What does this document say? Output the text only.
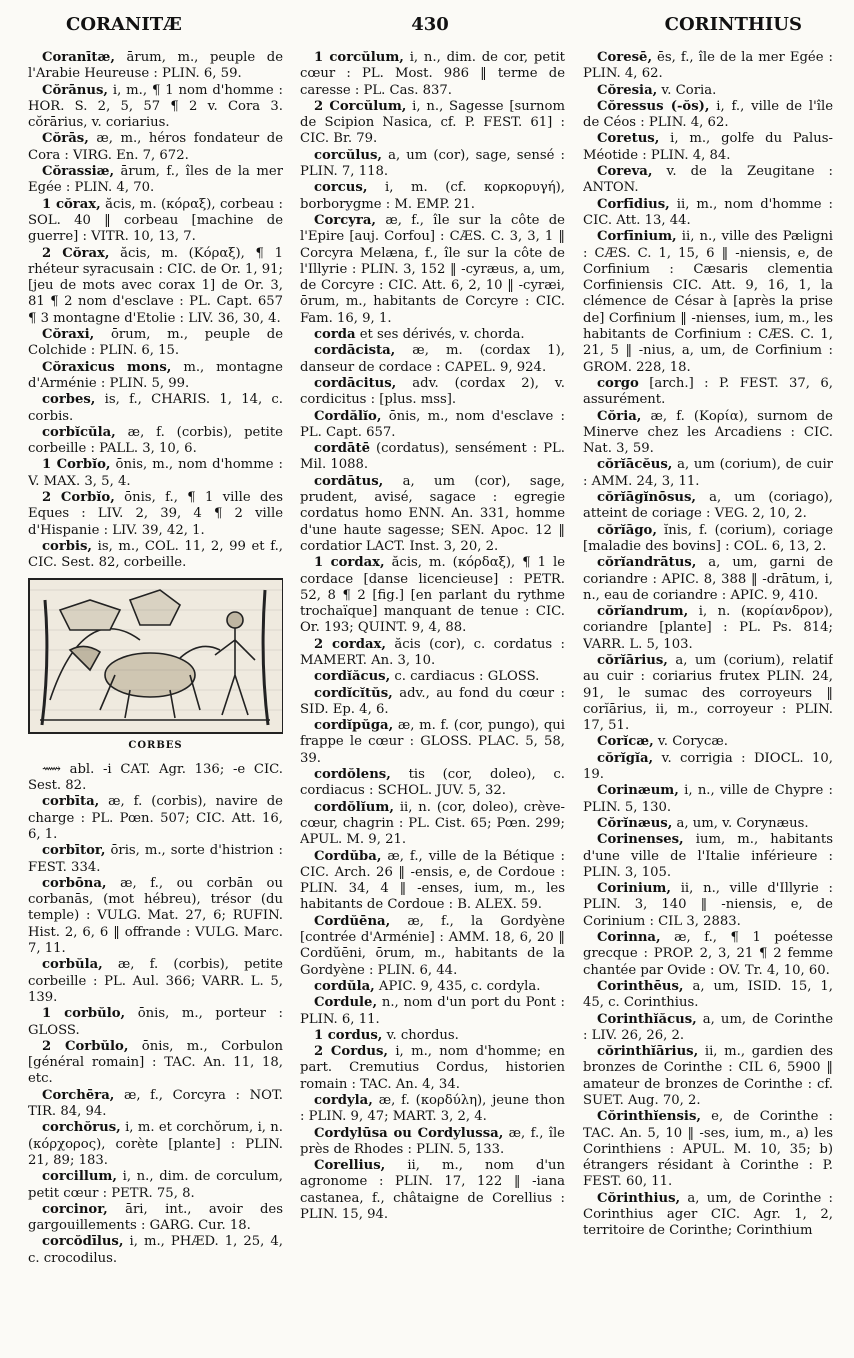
CORANITÆ	430	CORINTHIUS

Coranītæ, ārum, m., peuple de l'Arabie Heureuse : PLIN. 6, 59.

Cŏrānus, i, m., ¶ 1 nom d'homme : HOR. S. 2, 5, 57 ¶ 2 v. Cora 3. cŏrārius, v. coriarius.

Cŏrās, æ, m., héros fondateur de Cora : VIRG. En. 7, 672.

Cŏrassiæ, ārum, f., îles de la mer Egée : PLIN. 4, 70.

1 cŏrax, ăcis, m. (κόραξ), corbeau : SOL. 40 ‖ corbeau [machine de guerre] : VITR. 10, 13, 7.

2 Cŏrax, ăcis, m. (Κόραξ), ¶ 1 rhéteur syracusain : CIC. de Or. 1, 91; [jeu de mots avec corax 1] de Or. 3, 81 ¶ 2 nom d'esclave : PL. Capt. 657 ¶ 3 montagne d'Etolie : LIV. 36, 30, 4.

Cŏraxi, ōrum, m., peuple de Colchide : PLIN. 6, 15.

Cŏraxicus mons, m., montagne d'Arménie : PLIN. 5, 99.

corbes, is, f., CHARIS. 1, 14, c. corbis.

corbĭcŭla, æ, f. (corbis), petite corbeille : PALL. 3, 10, 6.

1 Corbĭo, ōnis, m., nom d'homme : V. MAX. 3, 5, 4.

2 Corbĭo, ōnis, f., ¶ 1 ville des Eques : LIV. 2, 39, 4 ¶ 2 ville d'Hispanie : LIV. 39, 42, 1.

corbis, is, m., COL. 11, 2, 99 et f., CIC. Sest. 82, corbeille.

CORBES

⟿ abl. -i CAT. Agr. 136; -e CIC. Sest. 82.

corbīta, æ, f. (corbis), navire de charge : PL. Pœn. 507; CIC. Att. 16, 6, 1.

corbītor, ōris, m., sorte d'histrion : FEST. 334.

corbōna, æ, f., ou corbān ou corbanās, (mot hébreu), trésor (du temple) : VULG. Mat. 27, 6; RUFIN. Hist. 2, 6, 6 ‖ offrande : VULG. Marc. 7, 11.

corbŭla, æ, f. (corbis), petite corbeille : PL. Aul. 366; VARR. L. 5, 139.

1 corbŭlo, ōnis, m., porteur : GLOSS.

2 Corbŭlo, ōnis, m., Corbulon [général romain] : TAC. An. 11, 18, etc.

Corchēra, æ, f., Corcyra : NOT. TIR. 84, 94.

corchŏrus, i, m. et corchŏrum, i, n. (κόρχορος), corète [plante] : PLIN. 21, 89; 183.

corcillum, i, n., dim. de corculum, petit cœur : PETR. 75, 8.

corcinor, āri, int., avoir des gargouillements : GARG. Cur. 18.

corcŏdīlus, i, m., PHÆD. 1, 25, 4, c. crocodilus.

1 corcŭlum, i, n., dim. de cor, petit cœur : PL. Most. 986 ‖ terme de caresse : PL. Cas. 837.

2 Corcŭlum, i, n., Sagesse [surnom de Scipion Nasica, cf. P. FEST. 61] : CIC. Br. 79.

corcŭlus, a, um (cor), sage, sensé : PLIN. 7, 118.

corcus, i, m. (cf. κορκορυγή), borborygme : M. EMP. 21.

Corcyra, æ, f., île sur la côte de l'Epire [auj. Corfou] : CÆS. C. 3, 3, 1 ‖ Corcyra Melæna, f., île sur la côte de l'Illyrie : PLIN. 3, 152 ‖ -cyræus, a, um, de Corcyre : CIC. Att. 6, 2, 10 ‖ -cyræi, ōrum, m., habitants de Corcyre : CIC. Fam. 16, 9, 1.

corda et ses dérivés, v. chorda.

cordācista, æ, m. (cordax 1), danseur de cordace : CAPEL. 9, 924.

cordācitus, adv. (cordax 2), v. cordicitus : [plus. mss].

Cordălĭo, ōnis, m., nom d'esclave : PL. Capt. 657.

cordātē (cordatus), sensément : PL. Mil. 1088.

cordātus, a, um (cor), sage, prudent, avisé, sagace : egregie cordatus homo ENN. An. 331, homme d'une haute sagesse; SEN. Apoc. 12 ‖ cordatior LACT. Inst. 3, 20, 2.

1 cordax, ăcis, m. (κόρδαξ), ¶ 1 le cordace [danse licencieuse] : PETR. 52, 8 ¶ 2 [fig.] [en parlant du rythme trochaïque] manquant de tenue : CIC. Or. 193; QUINT. 9, 4, 88.

2 cordax, ăcis (cor), c. cordatus : MAMERT. An. 3, 10.

cordĭăcus, c. cardiacus : GLOSS.

cordĭcĭtŭs, adv., au fond du cœur : SID. Ep. 4, 6.

cordĭpŭga, æ, m. f. (cor, pungo), qui frappe le cœur : GLOSS. PLAC. 5, 58, 39.

cordŏlens, tis (cor, doleo), c. cordiacus : SCHOL. JUV. 5, 32.

cordŏlĭum, ii, n. (cor, doleo), crève-cœur, chagrin : PL. Cist. 65; Pœn. 299; APUL. M. 9, 21.

Cordŭba, æ, f., ville de la Bétique : CIC. Arch. 26 ‖ -ensis, e, de Cordoue : PLIN. 34, 4 ‖ -enses, ium, m., les habitants de Cordoue : B. ALEX. 59.

Cordŭēna, æ, f., la Gordyène [contrée d'Arménie] : AMM. 18, 6, 20 ‖ Cordŭēni, ōrum, m., habitants de la Gordyène : PLIN. 6, 44.

cordŭla, APIC. 9, 435, c. cordyla.

Cordule, n., nom d'un port du Pont : PLIN. 6, 11.

1 cordus, v. chordus.

2 Cordus, i, m., nom d'homme; en part. Cremutius Cordus, historien romain : TAC. An. 4, 34.

cordyla, æ, f. (κορδύλη), jeune thon : PLIN. 9, 47; MART. 3, 2, 4.

Cordylūsa ou Cordylussa, æ, f., île près de Rhodes : PLIN. 5, 133.

Corellius, ii, m., nom d'un agronome : PLIN. 17, 122 ‖ -iana castanea, f., châtaigne de Corellius : PLIN. 15, 94.

Coresē, ēs, f., île de la mer Egée : PLIN. 4, 62.

Cŏresia, v. Coria.

Cŏressus (-ŏs), i, f., ville de l'île de Céos : PLIN. 4, 62.

Coretus, i, m., golfe du Palus-Méotide : PLIN. 4, 84.

Coreva, v. de la Zeugitane : ANTON.

Corfīdius, ii, m., nom d'homme : CIC. Att. 13, 44.

Corfīnium, ii, n., ville des Pæligni : CÆS. C. 1, 15, 6 ‖ -niensis, e, de Corfinium : Cæsaris clementia Corfiniensis CIC. Att. 9, 16, 1, la clémence de César à [après la prise de] Corfinium ‖ -nienses, ium, m., les habitants de Corfinium : CÆS. C. 1, 21, 5 ‖ -nius, a, um, de Corfinium : GROM. 228, 18.

corgo [arch.] : P. FEST. 37, 6, assurément.

Cŏria, æ, f. (Κορία), surnom de Minerve chez les Arcadiens : CIC. Nat. 3, 59.

cŏrĭācĕus, a, um (corium), de cuir : AMM. 24, 3, 11.

cŏrĭāgĭnōsus, a, um (coriago), atteint de coriage : VEG. 2, 10, 2.

cŏrĭāgo, ĭnis, f. (corium), coriage [maladie des bovins] : COL. 6, 13, 2.

cŏrĭandrātus, a, um, garni de coriandre : APIC. 8, 388 ‖ -drātum, i, n., eau de coriandre : APIC. 9, 410.

cŏrĭandrum, i, n. (κορίανδρον), coriandre [plante] : PL. Ps. 814; VARR. L. 5, 103.

cŏrĭārius, a, um (corium), relatif au cuir : coriarius frutex PLIN. 24, 91, le sumac des corroyeurs ‖ corĭārius, ii, m., corroyeur : PLIN. 17, 51.

Corĭcæ, v. Corycæ.

cŏrĭgĭa, v. corrigia : DIOCL. 10, 19.

Corinæum, i, n., ville de Chypre : PLIN. 5, 130.

Cŏrĭnæus, a, um, v. Corynæus.

Corinenses, ium, m., habitants d'une ville de l'Italie inférieure : PLIN. 3, 105.

Corinium, ii, n., ville d'Illyrie : PLIN. 3, 140 ‖ -niensis, e, de Corinium : CIL 3, 2883.

Corinna, æ, f., ¶ 1 poétesse grecque : PROP. 2, 3, 21 ¶ 2 femme chantée par Ovide : OV. Tr. 4, 10, 60.

Corinthēus, a, um, ISID. 15, 1, 45, c. Corinthius.

Corinthĭăcus, a, um, de Corinthe : LIV. 26, 26, 2.

cŏrinthĭārius, ii, m., gardien des bronzes de Corinthe : CIL 6, 5900 ‖ amateur de bronzes de Corinthe : cf. SUET. Aug. 70, 2.

Cŏrinthĭensis, e, de Corinthe : TAC. An. 5, 10 ‖ -ses, ium, m., a) les Corinthiens : APUL. M. 10, 35; b) étrangers résidant à Corinthe : P. FEST. 60, 11.

Cŏrinthius, a, um, de Corinthe : Corinthius ager CIC. Agr. 1, 2, territoire de Corinthe; Corinthium
